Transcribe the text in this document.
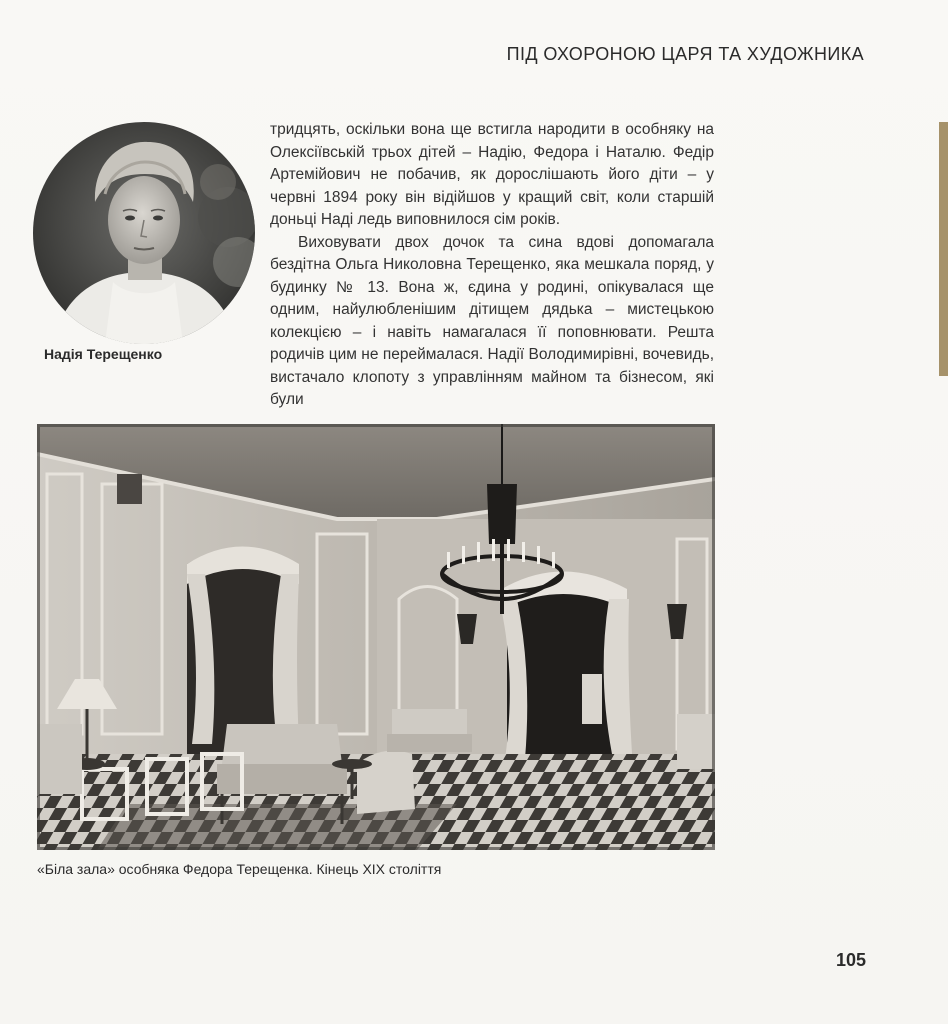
ПІД ОХОРОНОЮ ЦАРЯ ТА ХУДОЖНИКА
Надія Терещенко

тридцять, оскільки вона ще встигла народити в особняку на Олексіївській трьох дітей – Надію, Федора і Наталю. Федір Артемійович не побачив, як дорослішають його діти – у червні 1894 року він відійшов у кращий світ, коли старшій доньці Наді ледь виповнилося сім років.

Виховувати двох дочок та сина вдові допомагала бездітна Ольга Николовна Терещенко, яка мешкала поряд, у будинку № 13. Вона ж, єдина у родині, опікувалася ще одним, найулюбленішим дітищем дядька – мистецькою колекцією – і навіть намагалася її поповнювати. Решта родичів цим не переймалася. Надії Володимирівні, вочевидь, вистачало клопоту з управлінням майном та бізнесом, які були

«Біла зала» особняка Федора Терещенка. Кінець ХІХ століття
105
